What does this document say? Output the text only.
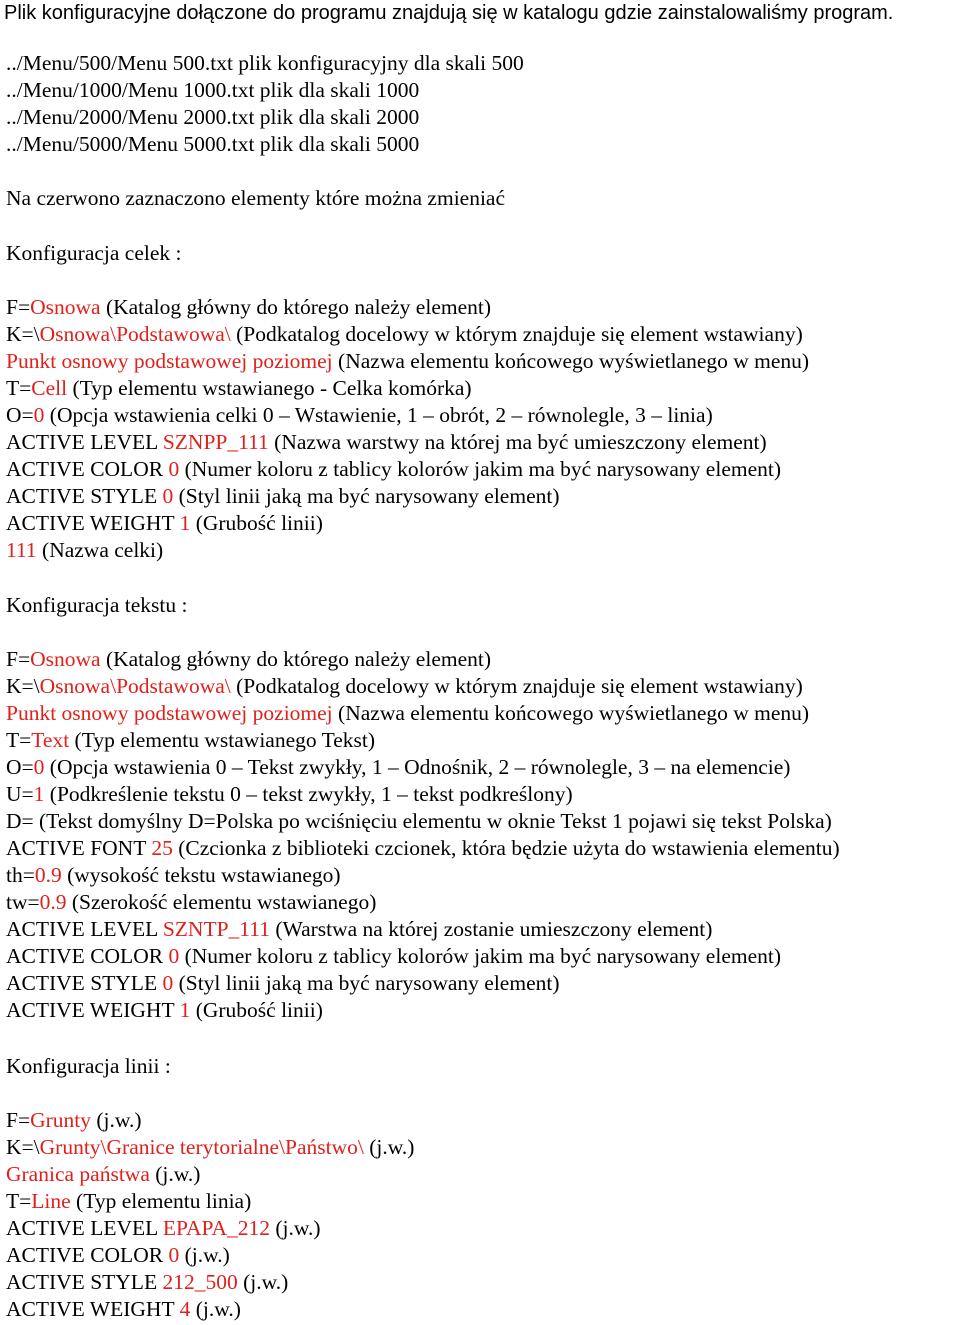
Plik konfiguracyjne dołączone do programu znajdują się w katalogu gdzie zainstalowaliśmy program.
../Menu/500/Menu 500.txt plik konfiguracyjny dla skali 500
../Menu/1000/Menu 1000.txt plik dla skali 1000
../Menu/2000/Menu 2000.txt plik dla skali 2000
../Menu/5000/Menu 5000.txt plik dla skali 5000
Na czerwono zaznaczono elementy które można zmieniać
Konfiguracja celek :
F=Osnowa (Katalog główny do którego należy element)
K=\Osnowa\Podstawowa\ (Podkatalog docelowy w którym znajduje się element wstawiany)
Punkt osnowy podstawowej poziomej (Nazwa elementu końcowego wyświetlanego w menu)
T=Cell (Typ elementu wstawianego - Celka komórka)
O=0 (Opcja wstawienia celki 0 – Wstawienie, 1 – obrót, 2 – równolegle, 3 – linia)
ACTIVE LEVEL SZNPP_111 (Nazwa warstwy na której ma być umieszczony element)
ACTIVE COLOR 0 (Numer koloru z tablicy kolorów jakim ma być narysowany element)
ACTIVE STYLE 0 (Styl linii jaką ma być narysowany element)
ACTIVE WEIGHT 1 (Grubość linii)
111 (Nazwa celki)
Konfiguracja tekstu :
F=Osnowa (Katalog główny do którego należy element)
K=\Osnowa\Podstawowa\ (Podkatalog docelowy w którym znajduje się element wstawiany)
Punkt osnowy podstawowej poziomej (Nazwa elementu końcowego wyświetlanego w menu)
T=Text (Typ elementu wstawianego Tekst)
O=0 (Opcja wstawienia 0 – Tekst zwykły, 1 – Odnośnik, 2 – równolegle, 3 – na elemencie)
U=1 (Podkreślenie tekstu 0 – tekst zwykły, 1 – tekst podkreślony)
D= (Tekst domyślny D=Polska po wciśnięciu elementu w oknie Tekst 1 pojawi się tekst Polska)
ACTIVE FONT 25 (Czcionka z biblioteki czcionek, która będzie użyta do wstawienia elementu)
th=0.9 (wysokość tekstu wstawianego)
tw=0.9 (Szerokość elementu wstawianego)
ACTIVE LEVEL SZNTP_111 (Warstwa na której zostanie umieszczony element)
ACTIVE COLOR 0 (Numer koloru z tablicy kolorów jakim ma być narysowany element)
ACTIVE STYLE 0 (Styl linii jaką ma być narysowany element)
ACTIVE WEIGHT 1 (Grubość linii)
Konfiguracja linii :
F=Grunty (j.w.)
K=\Grunty\Granice terytorialne\Państwo\ (j.w.)
Granica państwa (j.w.)
T=Line (Typ elementu linia)
ACTIVE LEVEL EPAPA_212 (j.w.)
ACTIVE COLOR 0 (j.w.)
ACTIVE STYLE 212_500 (j.w.)
ACTIVE WEIGHT 4 (j.w.)
